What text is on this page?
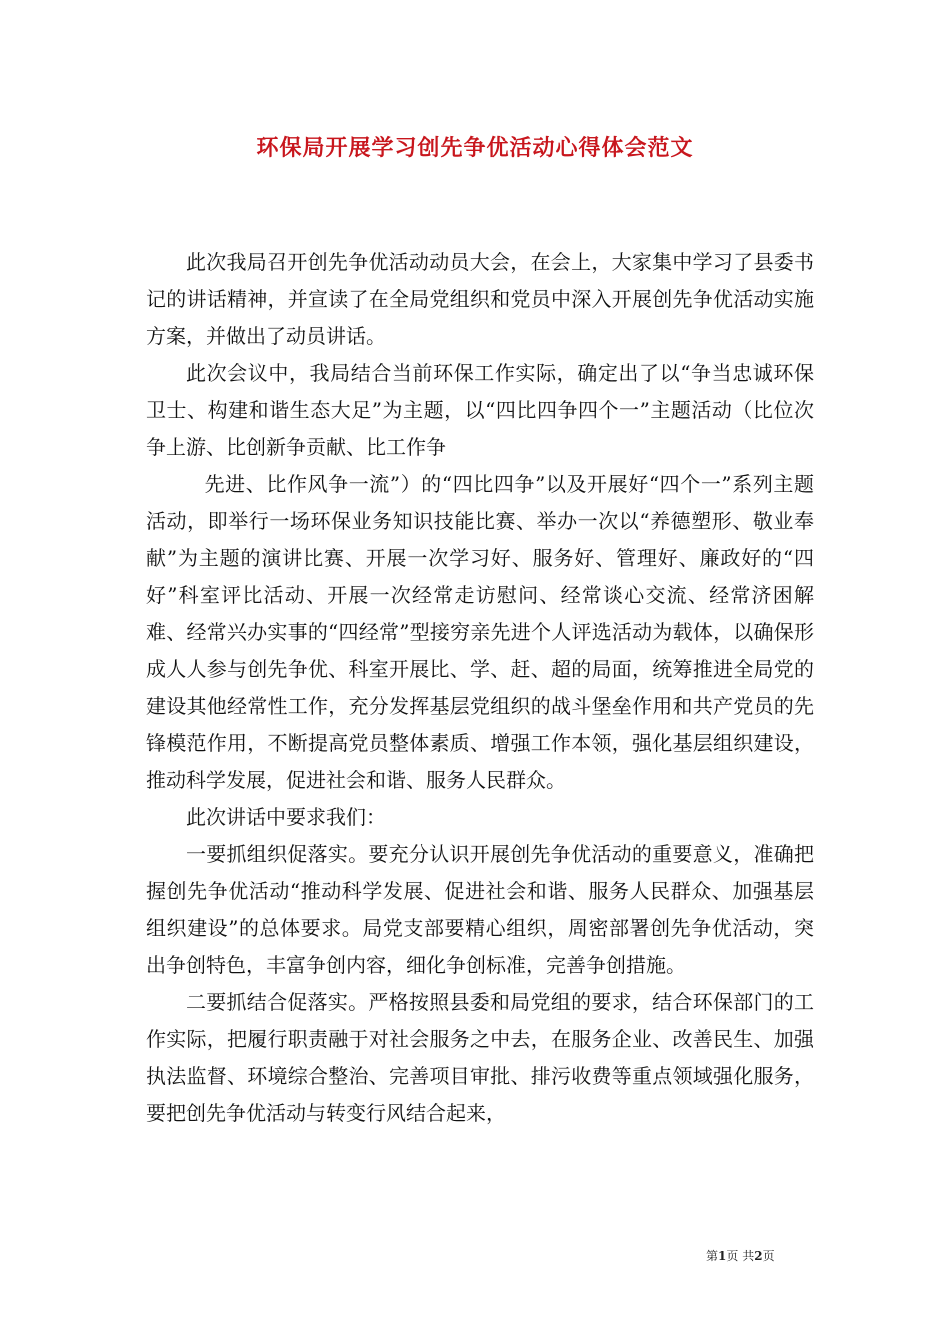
环保局开展学习创先争优活动心得体会范文

此次我局召开创先争优活动动员大会，在会上，大家集中学习了县委书记的讲话精神，并宣读了在全局党组织和党员中深入开展创先争优活动实施方案，并做出了动员讲话。

此次会议中，我局结合当前环保工作实际，确定出了以“争当忠诚环保卫士、构建和谐生态大足”为主题，以“四比四争四个一”主题活动（比位次争上游、比创新争贡献、比工作争

先进、比作风争一流”）的“四比四争”以及开展好“四个一”系列主题活动，即举行一场环保业务知识技能比赛、举办一次以“养德塑形、敬业奉献”为主题的演讲比赛、开展一次学习好、服务好、管理好、廉政好的“四好”科室评比活动、开展一次经常走访慰问、经常谈心交流、经常济困解难、经常兴办实事的“四经常”型接穷亲先进个人评选活动为载体，以确保形成人人参与创先争优、科室开展比、学、赶、超的局面，统筹推进全局党的建设其他经常性工作，充分发挥基层党组织的战斗堡垒作用和共产党员的先锋模范作用，不断提高党员整体素质、增强工作本领，强化基层组织建设，推动科学发展，促进社会和谐、服务人民群众。

此次讲话中要求我们：

一要抓组织促落实。要充分认识开展创先争优活动的重要意义，准确把握创先争优活动“推动科学发展、促进社会和谐、服务人民群众、加强基层组织建设”的总体要求。局党支部要精心组织，周密部署创先争优活动，突出争创特色，丰富争创内容，细化争创标准，完善争创措施。

二要抓结合促落实。严格按照县委和局党组的要求，结合环保部门的工作实际，把履行职责融于对社会服务之中去，在服务企业、改善民生、加强执法监督、环境综合整治、完善项目审批、排污收费等重点领域强化服务，要把创先争优活动与转变行风结合起来，

第1页 共2页
